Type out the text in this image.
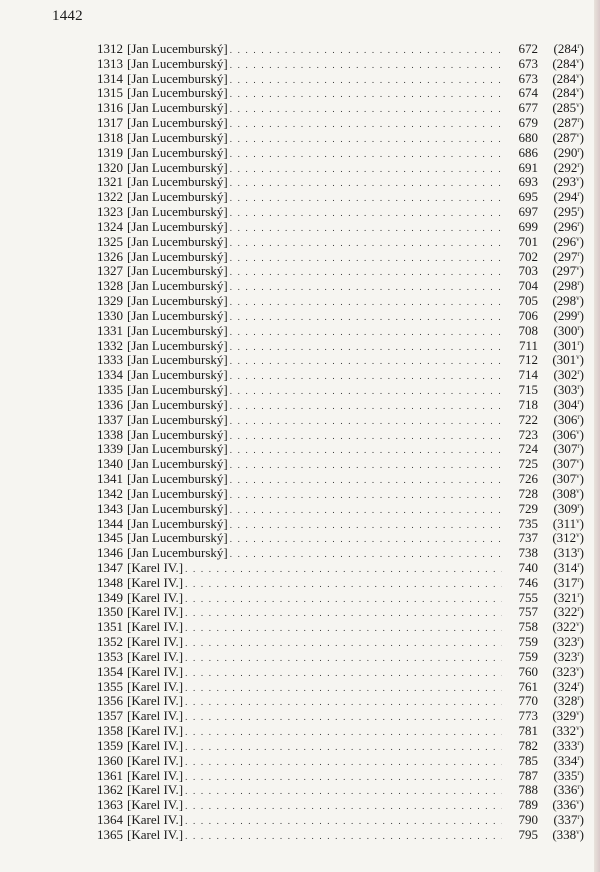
1442
1312 [Jan Lucemburský] . . .	672	(284$^r$)
1313 [Jan Lucemburský] . . .	673	(284$^v$)
1314 [Jan Lucemburský] . . .	673	(284$^v$)
1315 [Jan Lucemburský] . . .	674	(284$^v$)
1316 [Jan Lucemburský] . . .	677	(285$^v$)
1317 [Jan Lucemburský] . . .	679	(287$^r$)
1318 [Jan Lucemburský] . . .	680	(287$^v$)
1319 [Jan Lucemburský] . . .	686	(290$^r$)
1320 [Jan Lucemburský] . . .	691	(292$^r$)
1321 [Jan Lucemburský] . . .	693	(293$^v$)
1322 [Jan Lucemburský] . . .	695	(294$^r$)
1323 [Jan Lucemburský] . . .	697	(295$^r$)
1324 [Jan Lucemburský] . . .	699	(296$^r$)
1325 [Jan Lucemburský] . . .	701	(296$^v$)
1326 [Jan Lucemburský] . . .	702	(297$^r$)
1327 [Jan Lucemburský] . . .	703	(297$^v$)
1328 [Jan Lucemburský] . . .	704	(298$^r$)
1329 [Jan Lucemburský] . . .	705	(298$^v$)
1330 [Jan Lucemburský] . . .	706	(299$^r$)
1331 [Jan Lucemburský] . . .	708	(300$^r$)
1332 [Jan Lucemburský] . . .	711	(301$^r$)
1333 [Jan Lucemburský] . . .	712	(301$^v$)
1334 [Jan Lucemburský] . . .	714	(302$^r$)
1335 [Jan Lucemburský] . . .	715	(303$^r$)
1336 [Jan Lucemburský] . . .	718	(304$^r$)
1337 [Jan Lucemburský] . . .	722	(306$^r$)
1338 [Jan Lucemburský] . . .	723	(306$^v$)
1339 [Jan Lucemburský] . . .	724	(307$^r$)
1340 [Jan Lucemburský] . . .	725	(307$^v$)
1341 [Jan Lucemburský] . . .	726	(307$^v$)
1342 [Jan Lucemburský] . . .	728	(308$^v$)
1343 [Jan Lucemburský] . . .	729	(309$^r$)
1344 [Jan Lucemburský] . . .	735	(311$^v$)
1345 [Jan Lucemburský] . . .	737	(312$^v$)
1346 [Jan Lucemburský] . . .	738	(313$^r$)
1347 [Karel IV.] . . .	740	(314$^r$)
1348 [Karel IV.] . . .	746	(317$^r$)
1349 [Karel IV.] . . .	755	(321$^r$)
1350 [Karel IV.] . . .	757	(322$^r$)
1351 [Karel IV.] . . .	758	(322$^v$)
1352 [Karel IV.] . . .	759	(323$^r$)
1353 [Karel IV.] . . .	759	(323$^r$)
1354 [Karel IV.] . . .	760	(323$^v$)
1355 [Karel IV.] . . .	761	(324$^r$)
1356 [Karel IV.] . . .	770	(328$^r$)
1357 [Karel IV.] . . .	773	(329$^v$)
1358 [Karel IV.] . . .	781	(332$^v$)
1359 [Karel IV.] . . .	782	(333$^r$)
1360 [Karel IV.] . . .	785	(334$^r$)
1361 [Karel IV.] . . .	787	(335$^r$)
1362 [Karel IV.] . . .	788	(336$^r$)
1363 [Karel IV.] . . .	789	(336$^v$)
1364 [Karel IV.] . . .	790	(337$^r$)
1365 [Karel IV.] . . .	795	(338$^v$)
